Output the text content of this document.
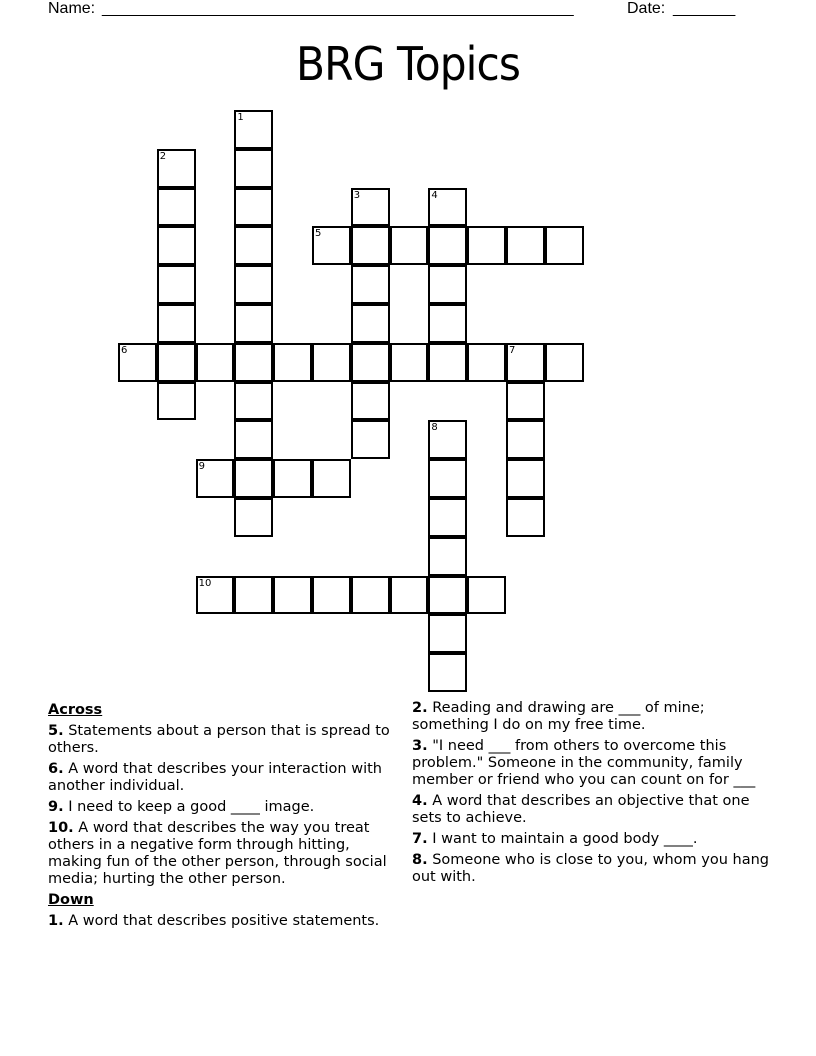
Name: _____________________________________________________	Date: _______
BRG Topics
1
2
3	4
5
6	7
8
9
10
Across
5. Statements about a person that is spread to others.
6. A word that describes your interaction with another individual.
9. I need to keep a good ____ image.
10. A word that describes the way you treat others in a negative form through hitting, making fun of the other person, through social media; hurting the other person.
Down
1. A word that describes positive statements.
2. Reading and drawing are ___ of mine; something I do on my free time.
3. "I need ___ from others to overcome this problem." Someone in the community, family member or friend who you can count on for ___
4. A word that describes an objective that one sets to achieve.
7. I want to maintain a good body ____.
8. Someone who is close to you, whom you hang out with.
